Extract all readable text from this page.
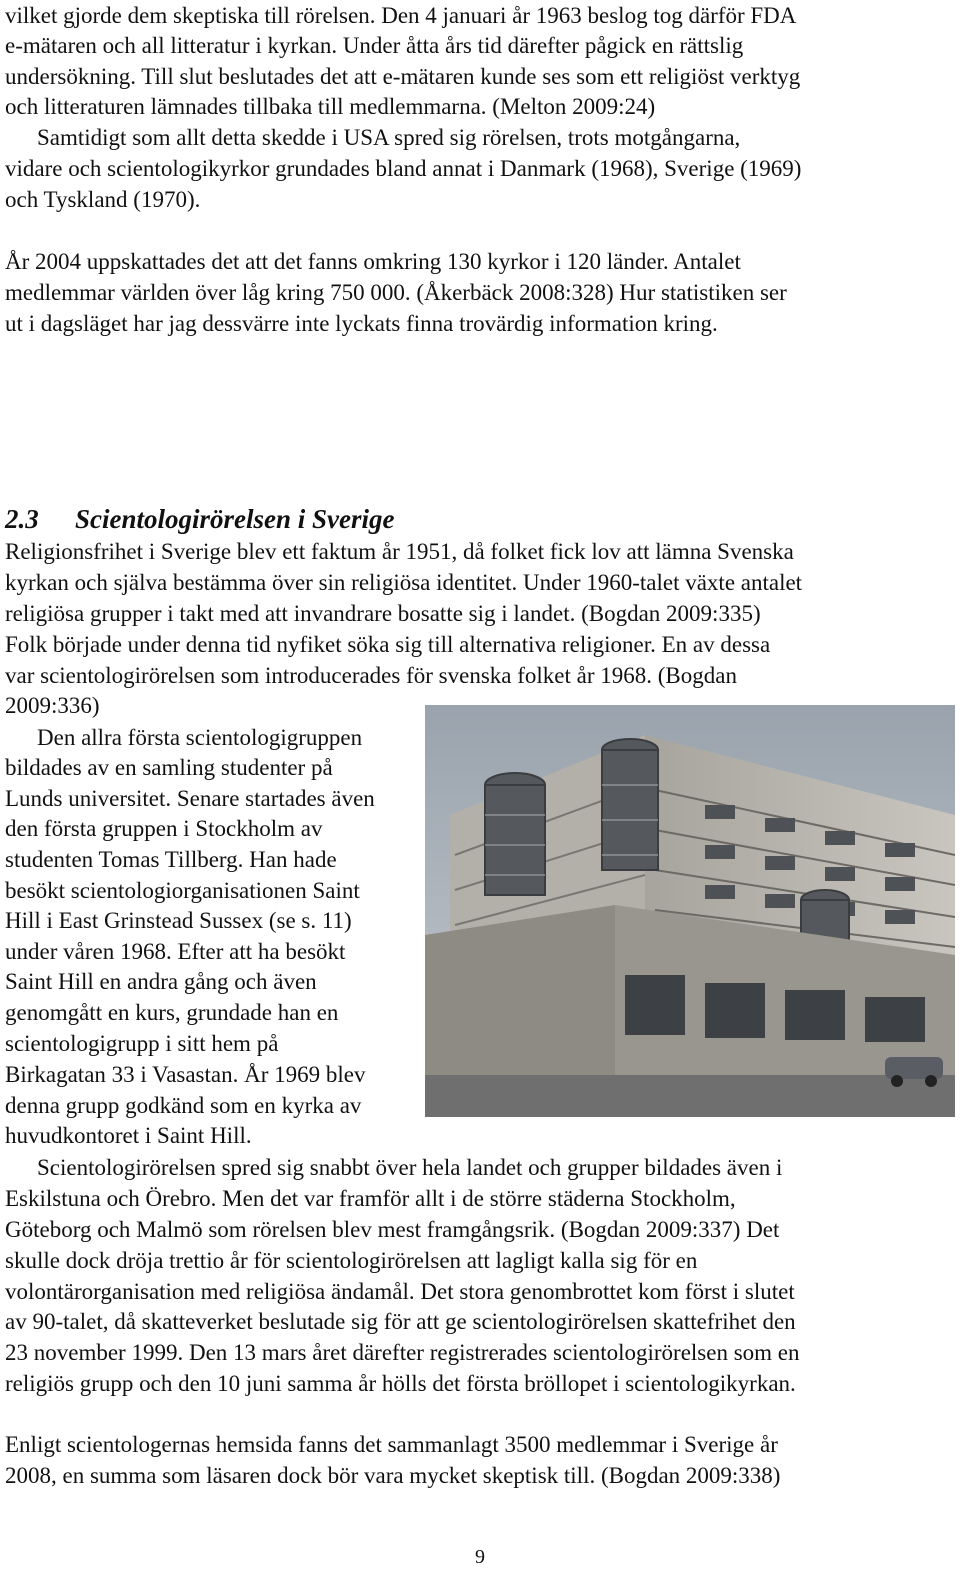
vilket gjorde dem skeptiska till rörelsen. Den 4 januari år 1963 beslog tog därför FDA
e-mätaren och all litteratur i kyrkan. Under åtta års tid därefter pågick en rättslig
undersökning. Till slut beslutades det att e-mätaren kunde ses som ett religiöst verktyg
och litteraturen lämnades tillbaka till medlemmarna. (Melton 2009:24)
Samtidigt som allt detta skedde i USA spred sig rörelsen, trots motgångarna,
vidare och scientologikyrkor grundades bland annat i Danmark (1968), Sverige (1969)
och Tyskland (1970).
År 2004 uppskattades det att det fanns omkring 130 kyrkor i 120 länder. Antalet
medlemmar världen över låg kring 750 000. (Åkerbäck 2008:328) Hur statistiken ser
ut i dagsläget har jag dessvärre inte lyckats finna trovärdig information kring.
2.3 Scientologirörelsen i Sverige
Religionsfrihet i Sverige blev ett faktum år 1951, då folket fick lov att lämna Svenska
kyrkan och själva bestämma över sin religiösa identitet. Under 1960-talet växte antalet
religiösa grupper i takt med att invandrare bosatte sig i landet. (Bogdan 2009:335)
Folk började under denna tid nyfiket söka sig till alternativa religioner. En av dessa
var scientologirörelsen som introducerades för svenska folket år 1968. (Bogdan
2009:336)
Den allra första scientologigruppen
bildades av en samling studenter på
Lunds universitet. Senare startades även
den första gruppen i Stockholm av
studenten Tomas Tillberg. Han hade
besökt scientologiorganisationen Saint
Hill i East Grinstead Sussex (se s. 11)
under våren 1968. Efter att ha besökt
Saint Hill en andra gång och även
genomgått en kurs, grundade han en
scientologigrupp i sitt hem på
Birkagatan 33 i Vasastan. År 1969 blev
denna grupp godkänd som en kyrka av
huvudkontoret i Saint Hill.
Scientologirörelsen spred sig snabbt över hela landet och grupper bildades även i
Eskilstuna och Örebro. Men det var framför allt i de större städerna Stockholm,
Göteborg och Malmö som rörelsen blev mest framgångsrik. (Bogdan 2009:337) Det
skulle dock dröja trettio år för scientologirörelsen att lagligt kalla sig för en
volontärorganisation med religiösa ändamål. Det stora genombrottet kom först i slutet
av 90-talet, då skatteverket beslutade sig för att ge scientologirörelsen skattefrihet den
23 november 1999. Den 13 mars året därefter registrerades scientologirörelsen som en
religiös grupp och den 10 juni samma år hölls det första bröllopet i scientologikyrkan.
Enligt scientologernas hemsida fanns det sammanlagt 3500 medlemmar i Sverige år
2008, en summa som läsaren dock bör vara mycket skeptisk till. (Bogdan 2009:338)
9
